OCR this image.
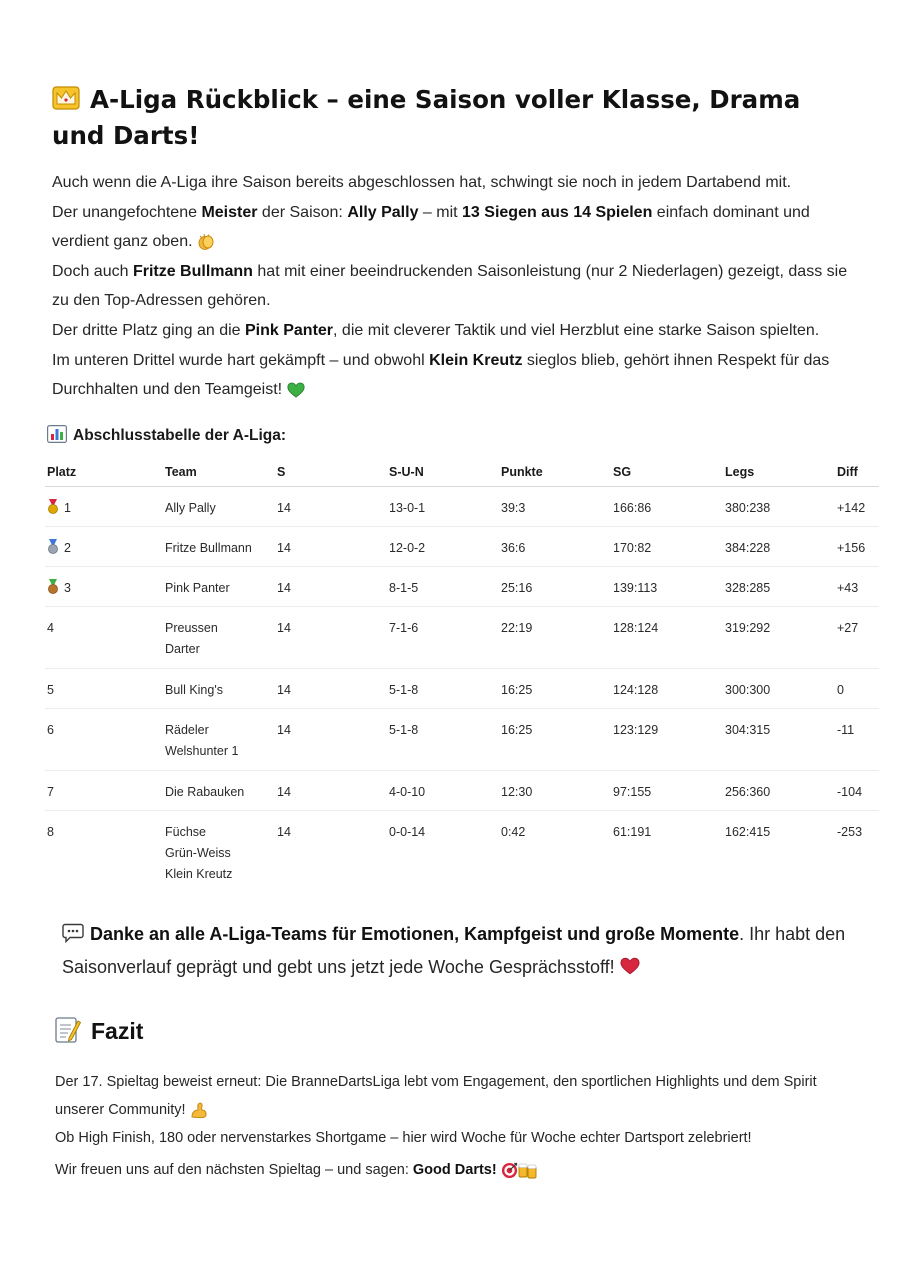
A-Liga Rückblick – eine Saison voller Klasse, Drama und Darts!

Auch wenn die A-Liga ihre Saison bereits abgeschlossen hat, schwingt sie noch in jedem Dartabend mit.

Der unangefochtene Meister der Saison: Ally Pally – mit 13 Siegen aus 14 Spielen einfach dominant und verdient ganz oben.

Doch auch Fritze Bullmann hat mit einer beeindruckenden Saisonleistung (nur 2 Niederlagen) gezeigt, dass sie zu den Top-Adressen gehören.

Der dritte Platz ging an die Pink Panter, die mit cleverer Taktik und viel Herzblut eine starke Saison spielten.

Im unteren Drittel wurde hart gekämpft – und obwohl Klein Kreutz sieglos blieb, gehört ihnen Respekt für das Durchhalten und den Teamgeist!

Abschlusstabelle der A-Liga:
Platz	Team	S	S-U-N	Punkte	SG	Legs	Diff
1	Ally Pally	14	13-0-1	39:3	166:86	380:238	+142
2	Fritze Bullmann	14	12-0-2	36:6	170:82	384:228	+156
3	Pink Panter	14	8-1-5	25:16	139:113	328:285	+43
4	Preussen Darter	14	7-1-6	22:19	128:124	319:292	+27
5	Bull King's	14	5-1-8	16:25	124:128	300:300	0
6	Rädeler Welshunter 1	14	5-1-8	16:25	123:129	304:315	-11
7	Die Rabauken	14	4-0-10	12:30	97:155	256:360	-104
8	Füchse Grün-Weiss Klein Kreutz	14	0-0-14	0:42	61:191	162:415	-253
Danke an alle A-Liga-Teams für Emotionen, Kampfgeist und große Momente. Ihr habt den Saisonverlauf geprägt und gebt uns jetzt jede Woche Gesprächsstoff!
Fazit

Der 17. Spieltag beweist erneut: Die BranneDartsLiga lebt vom Engagement, den sportlichen Highlights und dem Spirit unserer Community!

Ob High Finish, 180 oder nervenstarkes Shortgame – hier wird Woche für Woche echter Dartsport zelebriert!

Wir freuen uns auf den nächsten Spieltag – und sagen: Good Darts!
